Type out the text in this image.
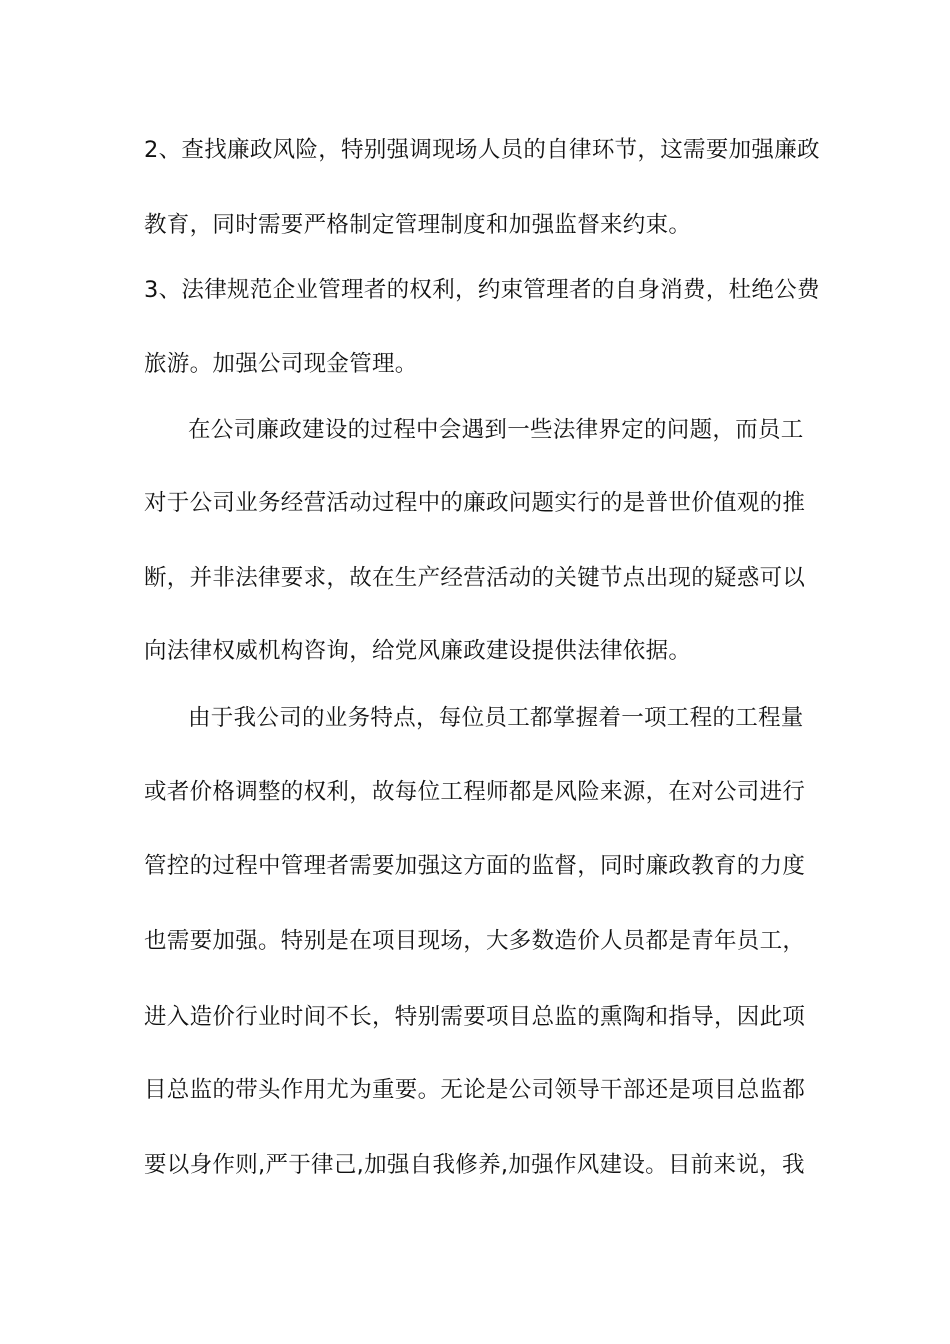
2、查找廉政风险，特别强调现场人员的自律环节，这需要加强廉政
教育，同时需要严格制定管理制度和加强监督来约束。
3、法律规范企业管理者的权利，约束管理者的自身消费，杜绝公费
旅游。加强公司现金管理。
在公司廉政建设的过程中会遇到一些法律界定的问题，而员工
对于公司业务经营活动过程中的廉政问题实行的是普世价值观的推
断，并非法律要求，故在生产经营活动的关键节点出现的疑惑可以
向法律权威机构咨询，给党风廉政建设提供法律依据。
由于我公司的业务特点，每位员工都掌握着一项工程的工程量
或者价格调整的权利，故每位工程师都是风险来源，在对公司进行
管控的过程中管理者需要加强这方面的监督，同时廉政教育的力度
也需要加强。特别是在项目现场，大多数造价人员都是青年员工，
进入造价行业时间不长，特别需要项目总监的熏陶和指导，因此项
目总监的带头作用尤为重要。无论是公司领导干部还是项目总监都
要以身作则,严于律己,加强自我修养,加强作风建设。目前来说，我
